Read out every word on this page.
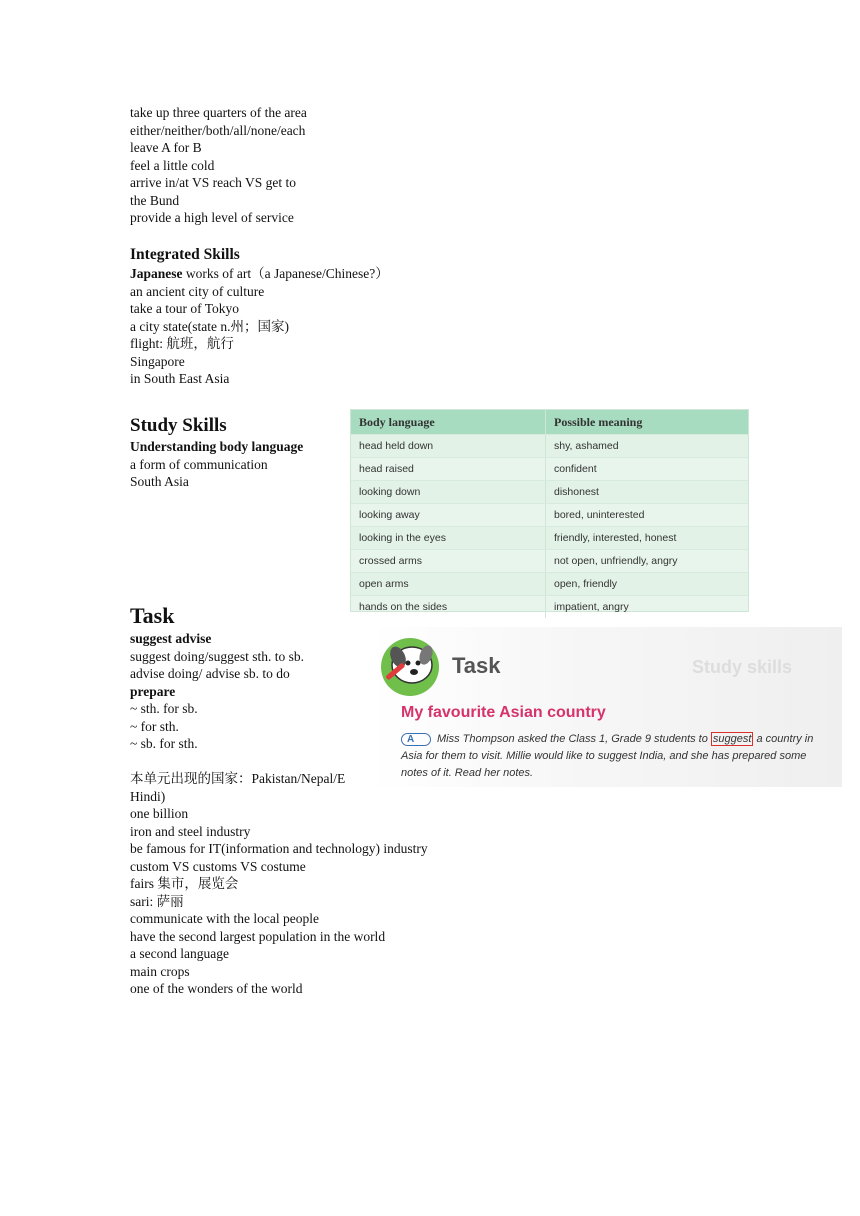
take up three quarters of the area
either/neither/both/all/none/each
leave A for B
feel a little cold
arrive in/at VS reach VS get to
the Bund
provide a high level of service
Integrated Skills
Japanese works of art（a Japanese/Chinese?）
an ancient city of culture
take a tour of Tokyo
a city state(state n.州；国家)
flight: 航班，航行
Singapore
in South East Asia
Study Skills
Understanding body language
a form of communication
South Asia
Body language	Possible meaning
head held down	shy, ashamed
head raised	confident
looking down	dishonest
looking away	bored, uninterested
looking in the eyes	friendly, interested, honest
crossed arms	not open, unfriendly, angry
open arms	open, friendly
hands on the sides	impatient, angry
Task
suggest advise
suggest doing/suggest sth. to sb.
advise doing/ advise sb. to do
prepare
~ sth. for sb.
~ for sth.
~ sb. for sth.
本单元出现的国家：Pakistan/Nepal/E
Hindi)
one billion
iron and steel industry
be famous for IT(information and technology) industry
custom VS customs VS costume
fairs 集市，展览会
sari: 萨丽
communicate with the local people
have the second largest population in the world
a second language
main crops
one of the wonders of the world
Study skills
Task
My favourite Asian country
A Miss Thompson asked the Class 1, Grade 9 students to suggest a country in Asia for them to visit. Millie would like to suggest India, and she has prepared some notes of it. Read her notes.
